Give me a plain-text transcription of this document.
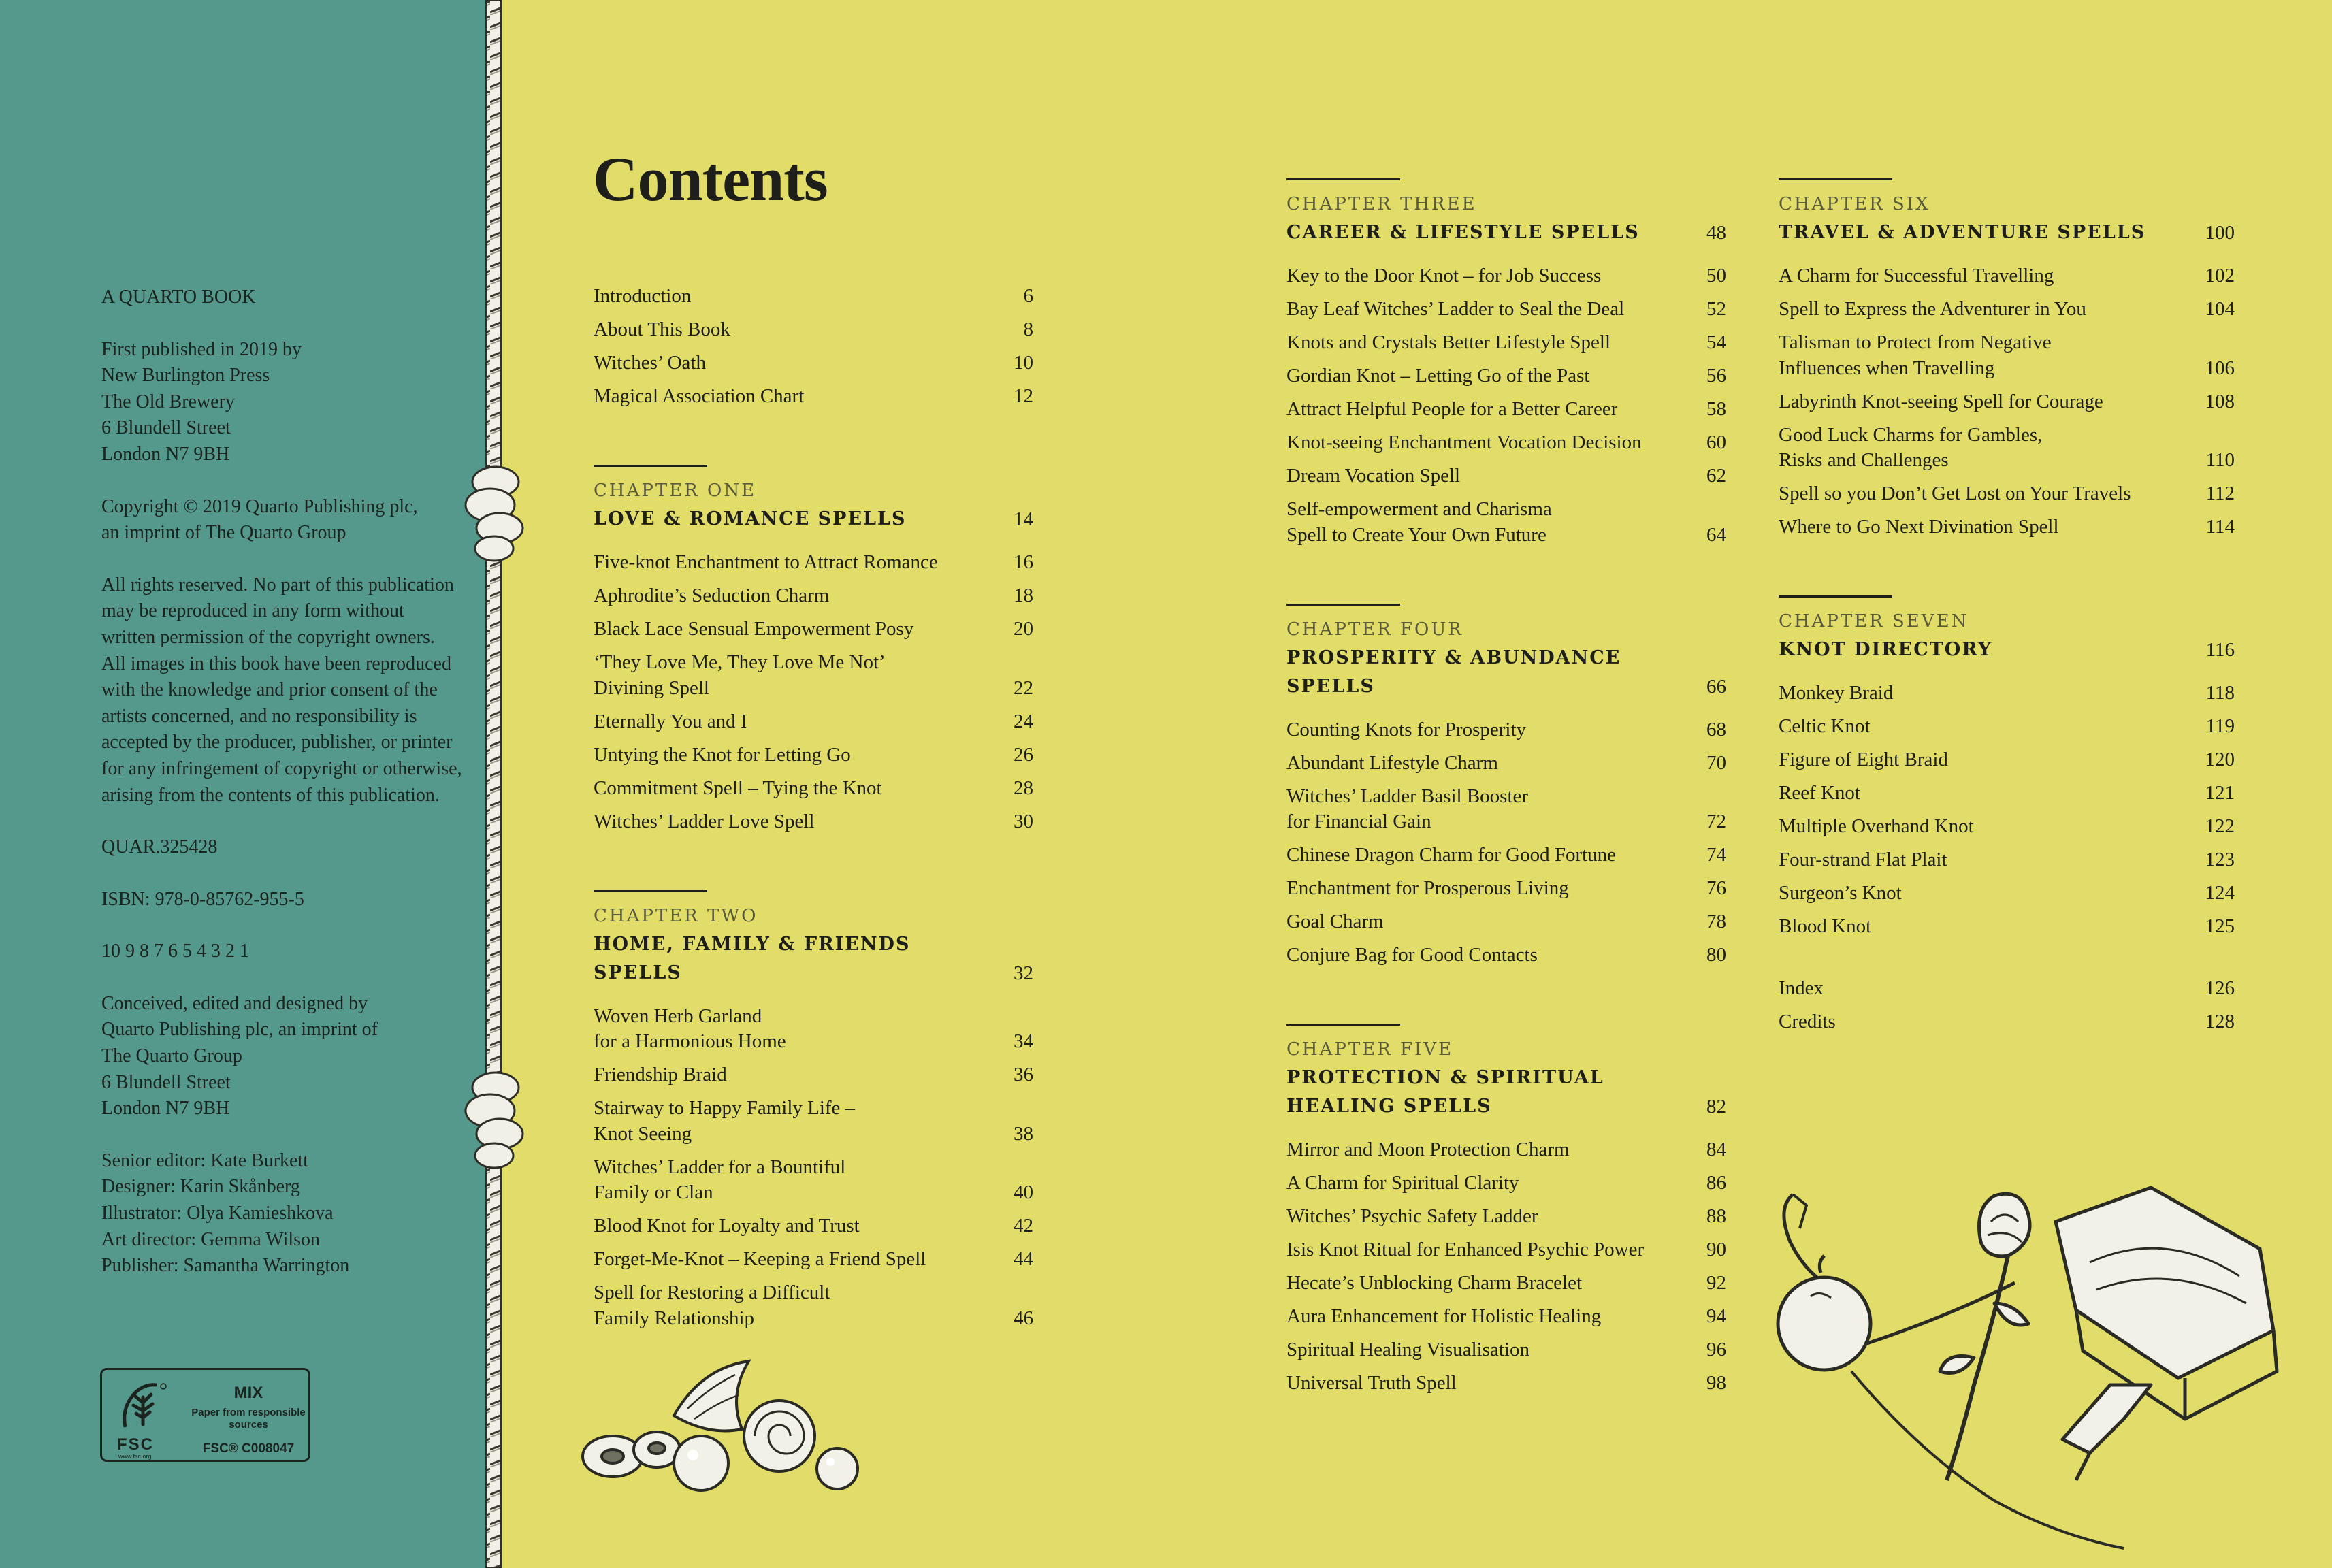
A QUARTO BOOK
First published in 2019 by
New Burlington Press
The Old Brewery
6 Blundell Street
London N7 9BH
Copyright © 2019 Quarto Publishing plc,
an imprint of The Quarto Group
All rights reserved. No part of this publication may be reproduced in any form without written permission of the copyright owners. All images in this book have been reproduced with the knowledge and prior consent of the artists concerned, and no responsibility is accepted by the producer, publisher, or printer for any infringement of copyright or otherwise, arising from the contents of this publication.
QUAR.325428
ISBN: 978-0-85762-955-5
10 9 8 7 6 5 4 3 2 1
Conceived, edited and designed by
Quarto Publishing plc, an imprint of
The Quarto Group
6 Blundell Street
London N7 9BH
Senior editor: Kate Burkett
Designer: Karin Skånberg
Illustrator: Olya Kamieshkova
Art director: Gemma Wilson
Publisher: Samantha Warrington
FSC
www.fsc.org
MIX
Paper from responsible sources
FSC® C008047
Contents
Introduction	6
About This Book	8
Witches’ Oath	10
Magical Association Chart	12
CHAPTER ONE
LOVE & ROMANCE SPELLS	14
Five-knot Enchantment to Attract Romance	16
Aphrodite’s Seduction Charm	18
Black Lace Sensual Empowerment Posy	20
‘They Love Me, They Love Me Not’
Divining Spell	22
Eternally You and I	24
Untying the Knot for Letting Go	26
Commitment Spell – Tying the Knot	28
Witches’ Ladder Love Spell	30
CHAPTER TWO
HOME, FAMILY & FRIENDS SPELLS	32
Woven Herb Garland
for a Harmonious Home	34
Friendship Braid	36
Stairway to Happy Family Life –
Knot Seeing	38
Witches’ Ladder for a Bountiful
Family or Clan	40
Blood Knot for Loyalty and Trust	42
Forget-Me-Knot – Keeping a Friend Spell	44
Spell for Restoring a Difficult
Family Relationship	46
CHAPTER THREE
CAREER & LIFESTYLE SPELLS	48
Key to the Door Knot – for Job Success	50
Bay Leaf Witches’ Ladder to Seal the Deal	52
Knots and Crystals Better Lifestyle Spell	54
Gordian Knot – Letting Go of the Past	56
Attract Helpful People for a Better Career	58
Knot-seeing Enchantment Vocation Decision	60
Dream Vocation Spell	62
Self-empowerment and Charisma
Spell to Create Your Own Future	64
CHAPTER FOUR
PROSPERITY & ABUNDANCE SPELLS	66
Counting Knots for Prosperity	68
Abundant Lifestyle Charm	70
Witches’ Ladder Basil Booster
for Financial Gain	72
Chinese Dragon Charm for Good Fortune	74
Enchantment for Prosperous Living	76
Goal Charm	78
Conjure Bag for Good Contacts	80
CHAPTER FIVE
PROTECTION & SPIRITUAL
HEALING SPELLS	82
Mirror and Moon Protection Charm	84
A Charm for Spiritual Clarity	86
Witches’ Psychic Safety Ladder	88
Isis Knot Ritual for Enhanced Psychic Power	90
Hecate’s Unblocking Charm Bracelet	92
Aura Enhancement for Holistic Healing	94
Spiritual Healing Visualisation	96
Universal Truth Spell	98
CHAPTER SIX
TRAVEL & ADVENTURE SPELLS	100
A Charm for Successful Travelling	102
Spell to Express the Adventurer in You	104
Talisman to Protect from Negative
Influences when Travelling	106
Labyrinth Knot-seeing Spell for Courage	108
Good Luck Charms for Gambles,
Risks and Challenges	110
Spell so you Don’t Get Lost on Your Travels	112
Where to Go Next Divination Spell	114
CHAPTER SEVEN
KNOT DIRECTORY	116
Monkey Braid	118
Celtic Knot	119
Figure of Eight Braid	120
Reef Knot	121
Multiple Overhand Knot	122
Four-strand Flat Plait	123
Surgeon’s Knot	124
Blood Knot	125
Index	126
Credits	128
